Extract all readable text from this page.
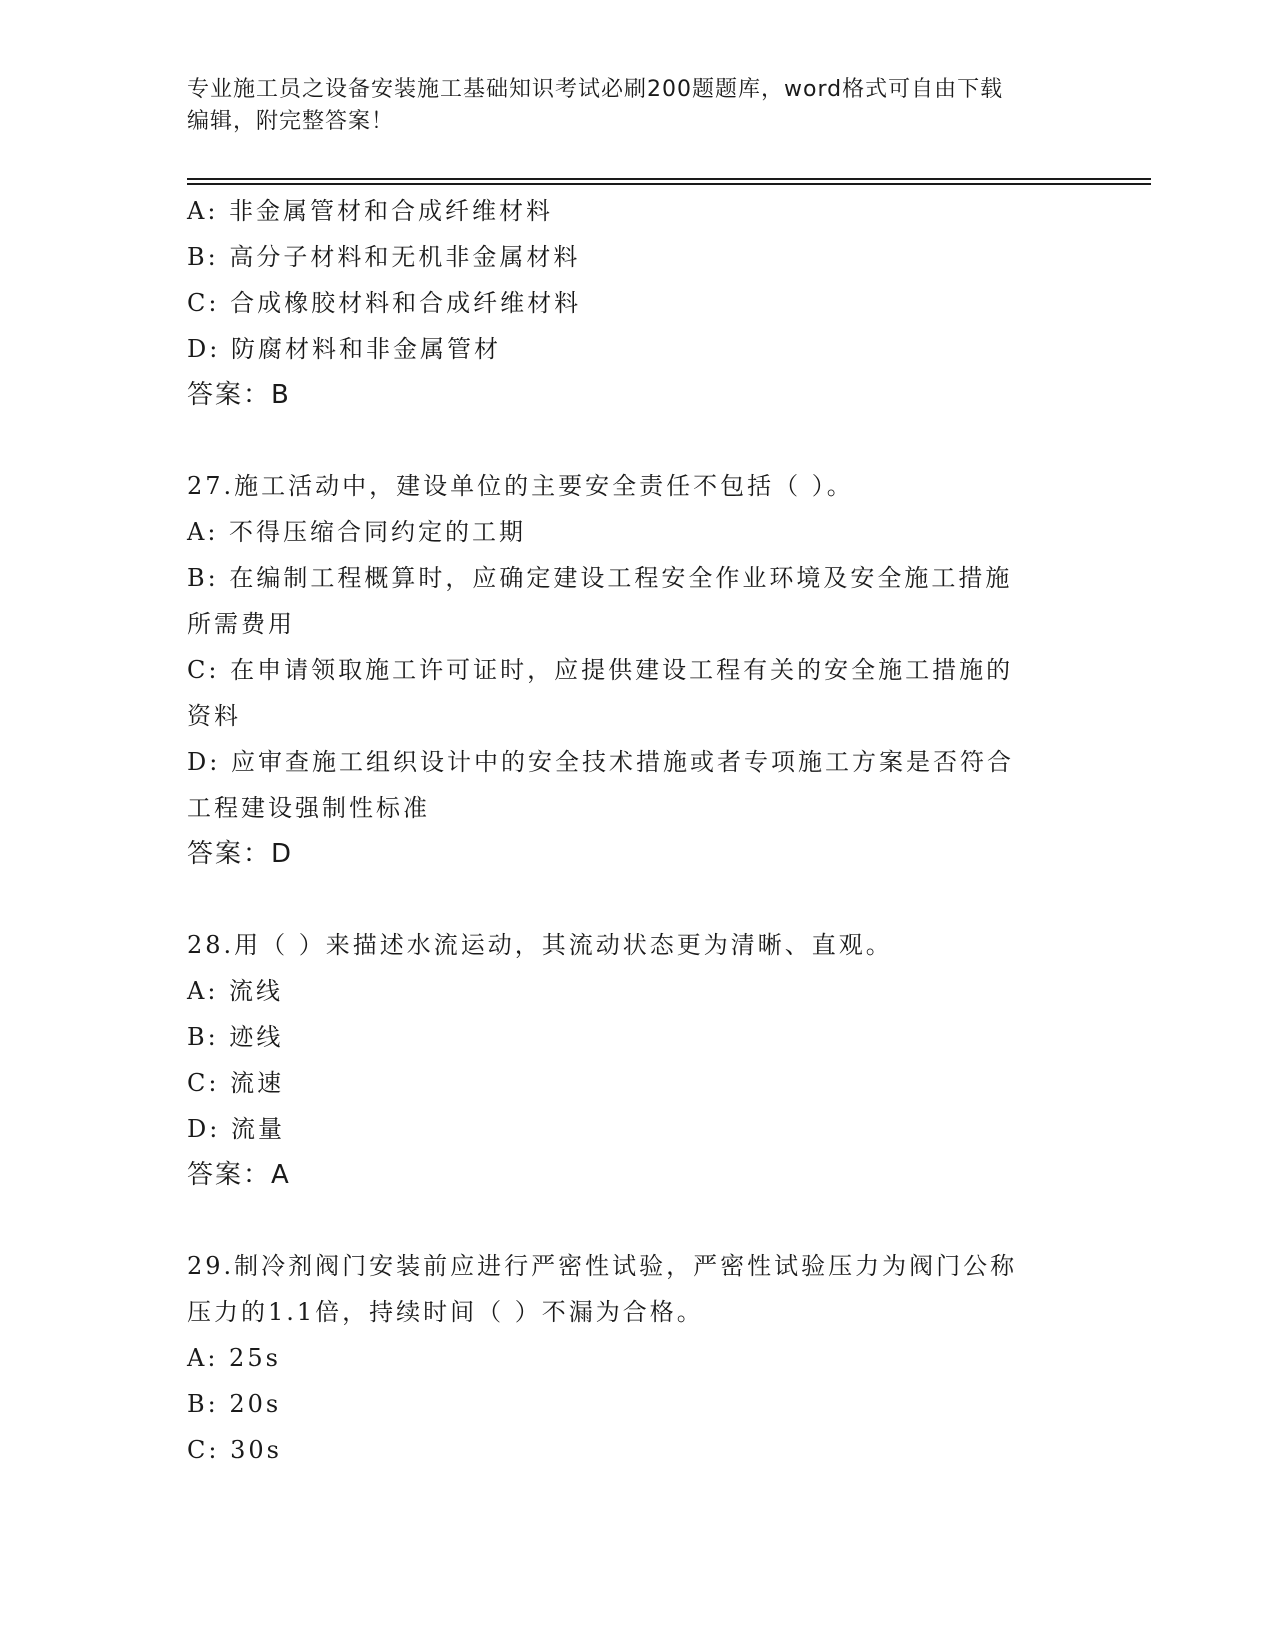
专业施工员之设备安装施工基础知识考试必刷200题题库，word格式可自由下载
编辑，附完整答案！
A: 非金属管材和合成纤维材料
B: 高分子材料和无机非金属材料
C: 合成橡胶材料和合成纤维材料
D: 防腐材料和非金属管材
答案：B
27.施工活动中，建设单位的主要安全责任不包括（ ）。
A: 不得压缩合同约定的工期
B: 在编制工程概算时，应确定建设工程安全作业环境及安全施工措施
所需费用
C: 在申请领取施工许可证时，应提供建设工程有关的安全施工措施的
资料
D: 应审查施工组织设计中的安全技术措施或者专项施工方案是否符合
工程建设强制性标准
答案：D
28.用（ ）来描述水流运动，其流动状态更为清晰、直观。
A: 流线
B: 迹线
C: 流速
D: 流量
答案：A
29.制冷剂阀门安装前应进行严密性试验，严密性试验压力为阀门公称
压力的1.1倍，持续时间（ ）不漏为合格。
A: 25s
B: 20s
C: 30s
